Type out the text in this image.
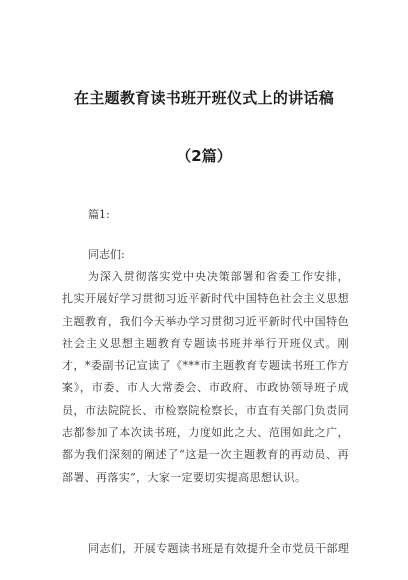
在主题教育读书班开班仪式上的讲话稿
（2篇）
篇1:
同志们:

为深入贯彻落实党中央决策部署和省委工作安排，扎实开展好学习贯彻习近平新时代中国特色社会主义思想主题教育，我们今天举办学习贯彻习近平新时代中国特色社会主义思想主题教育专题读书班并举行开班仪式。刚才，*委副书记宣读了《***市主题教育专题读书班工作方案》，市委、市人大常委会、市政府、市政协领导班子成员，市法院院长、市检察院检察长，市直有关部门负责同志都参加了本次读书班，力度如此之大、范围如此之广，都为我们深刻的阐述了“这是一次主题教育的再动员、再部署、再落实”，大家一定要切实提高思想认识。

同志们，开展专题读书班是有效提升全市党员干部理
